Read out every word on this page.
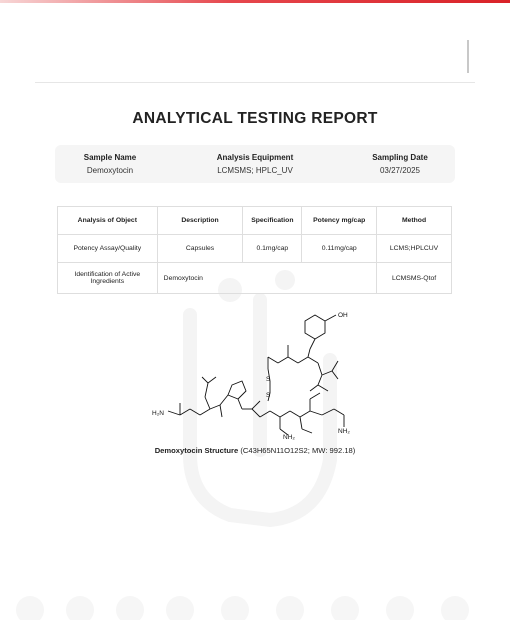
ANALYTICAL TESTING REPORT
Sample Name
Demoxytocin
Analysis Equipment
LCMSMS; HPLC_UV
Sampling Date
03/27/2025
Analysis of Object	Description	Specification	Potency mg/cap	Method
Potency Assay/Quality	Capsules	0.1mg/cap	0.11mg/cap	LCMS;HPLCUV
Identification of Active Ingredients	Demoxytocin			LCMSMS-Qtof
OH
H₂N
NH₂
NH₂
S
S
Demoxytocin Structure (C43H65N11O12S2; MW: 992.18)
